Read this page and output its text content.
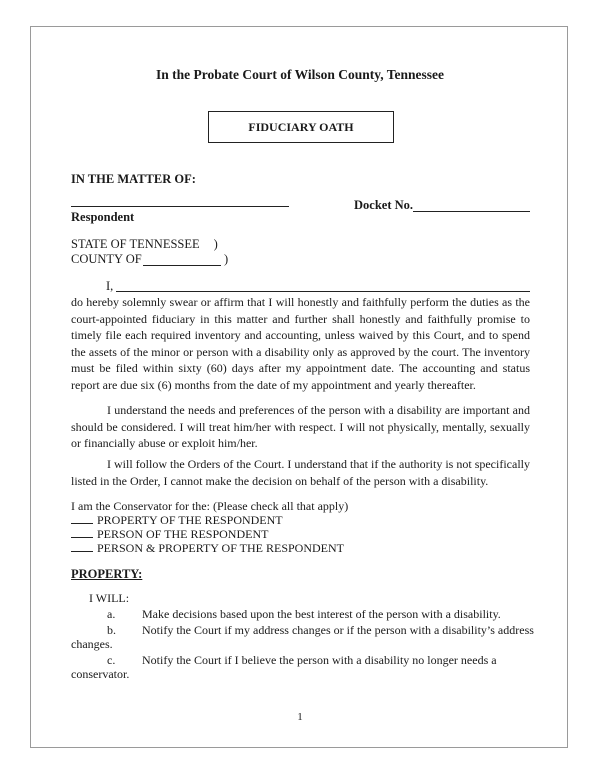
In the Probate Court of Wilson County, Tennessee
FIDUCIARY OATH
IN THE MATTER OF:
Respondent
Docket No.
STATE OF TENNESSEE )
COUNTY OF	)
I,

do hereby solemnly swear or affirm that I will honestly and faithfully perform the duties as the court-appointed fiduciary in this matter and further shall honestly and faithfully promise to timely file each required inventory and accounting, unless waived by this Court, and to spend the assets of the minor or person with a disability only as approved by the court. The inventory must be filed within sixty (60) days after my appointment date. The accounting and status report are due six (6) months from the date of my appointment and yearly thereafter.

I understand the needs and preferences of the person with a disability are important and should be considered. I will treat him/her with respect. I will not physically, mentally, sexually or financially abuse or exploit him/her.

I will follow the Orders of the Court. I understand that if the authority is not specifically listed in the Order, I cannot make the decision on behalf of the person with a disability.

I am the Conservator for the: (Please check all that apply)
PROPERTY OF THE RESPONDENT
PERSON OF THE RESPONDENT
PERSON & PROPERTY OF THE RESPONDENT
PROPERTY:
I WILL:
a. Make decisions based upon the best interest of the person with a disability.
b. Notify the Court if my address changes or if the person with a disability’s address
changes.
c. Notify the Court if I believe the person with a disability no longer needs a
conservator.
1
